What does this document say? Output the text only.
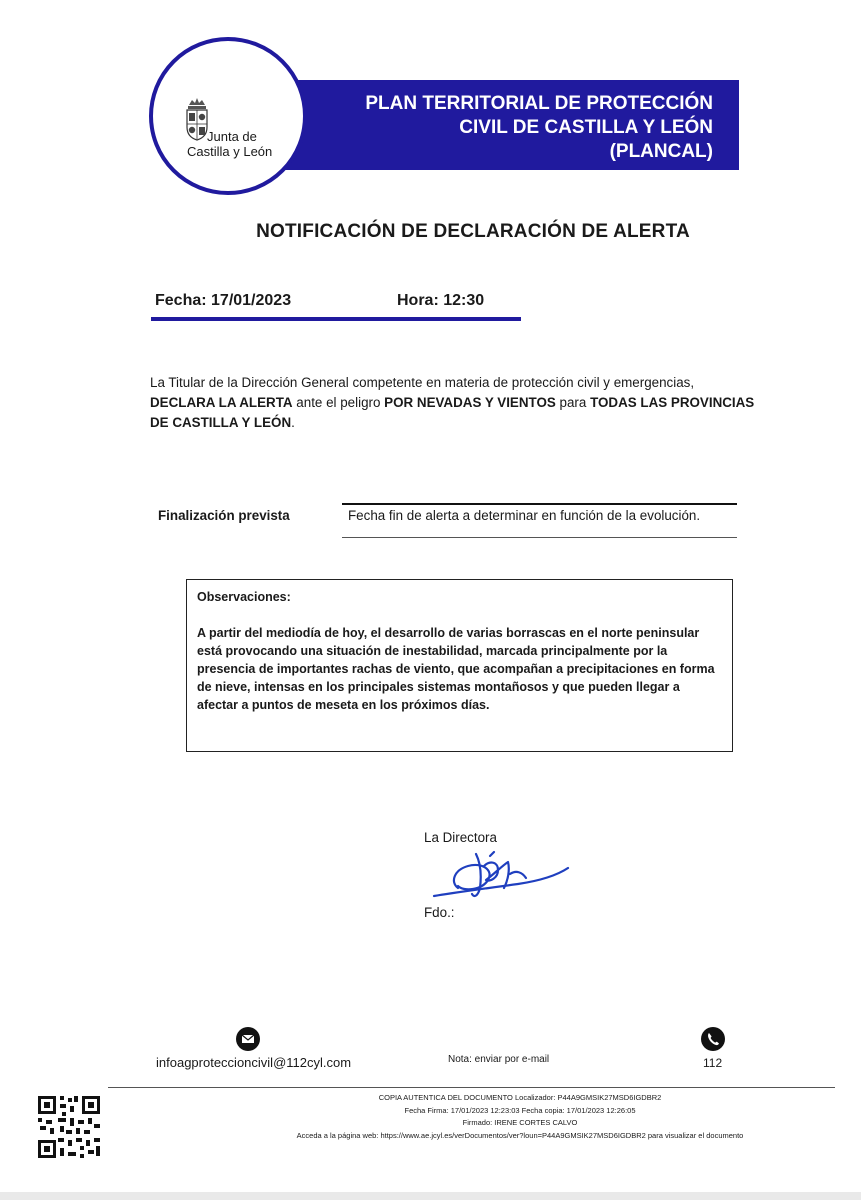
PLAN TERRITORIAL DE PROTECCIÓN
CIVIL DE CASTILLA Y LEÓN
(PLANCAL)
Junta de
Castilla y León
NOTIFICACIÓN DE DECLARACIÓN DE ALERTA
Fecha: 17/01/2023	Hora: 12:30
La Titular de la Dirección General competente en materia de protección civil y emergencias,
DECLARA LA ALERTA ante el peligro POR NEVADAS Y VIENTOS para TODAS LAS PROVINCIAS DE CASTILLA Y LEÓN.
Finalización prevista	Fecha fin de alerta a determinar en función de la evolución.
Observaciones:
A partir del mediodía de hoy, el desarrollo de varias borrascas en el norte peninsular está provocando una situación de inestabilidad, marcada principalmente por la presencia de importantes rachas de viento, que acompañan a precipitaciones en forma de nieve, intensas en los principales sistemas montañosos y que pueden llegar a afectar a puntos de meseta en los próximos días.
La Directora
Fdo.:
infoagproteccioncivil@112cyl.com	Nota: enviar por e-mail	112
COPIA AUTENTICA DEL DOCUMENTO Localizador: P44A9GMSIK27MSD6IGDBR2
Fecha Firma: 17/01/2023 12:23:03 Fecha copia: 17/01/2023 12:26:05
Firmado: IRENE CORTES CALVO
Acceda a la página web: https://www.ae.jcyl.es/verDocumentos/ver?loun=P44A9GMSIK27MSD6IGDBR2 para visualizar el documento
